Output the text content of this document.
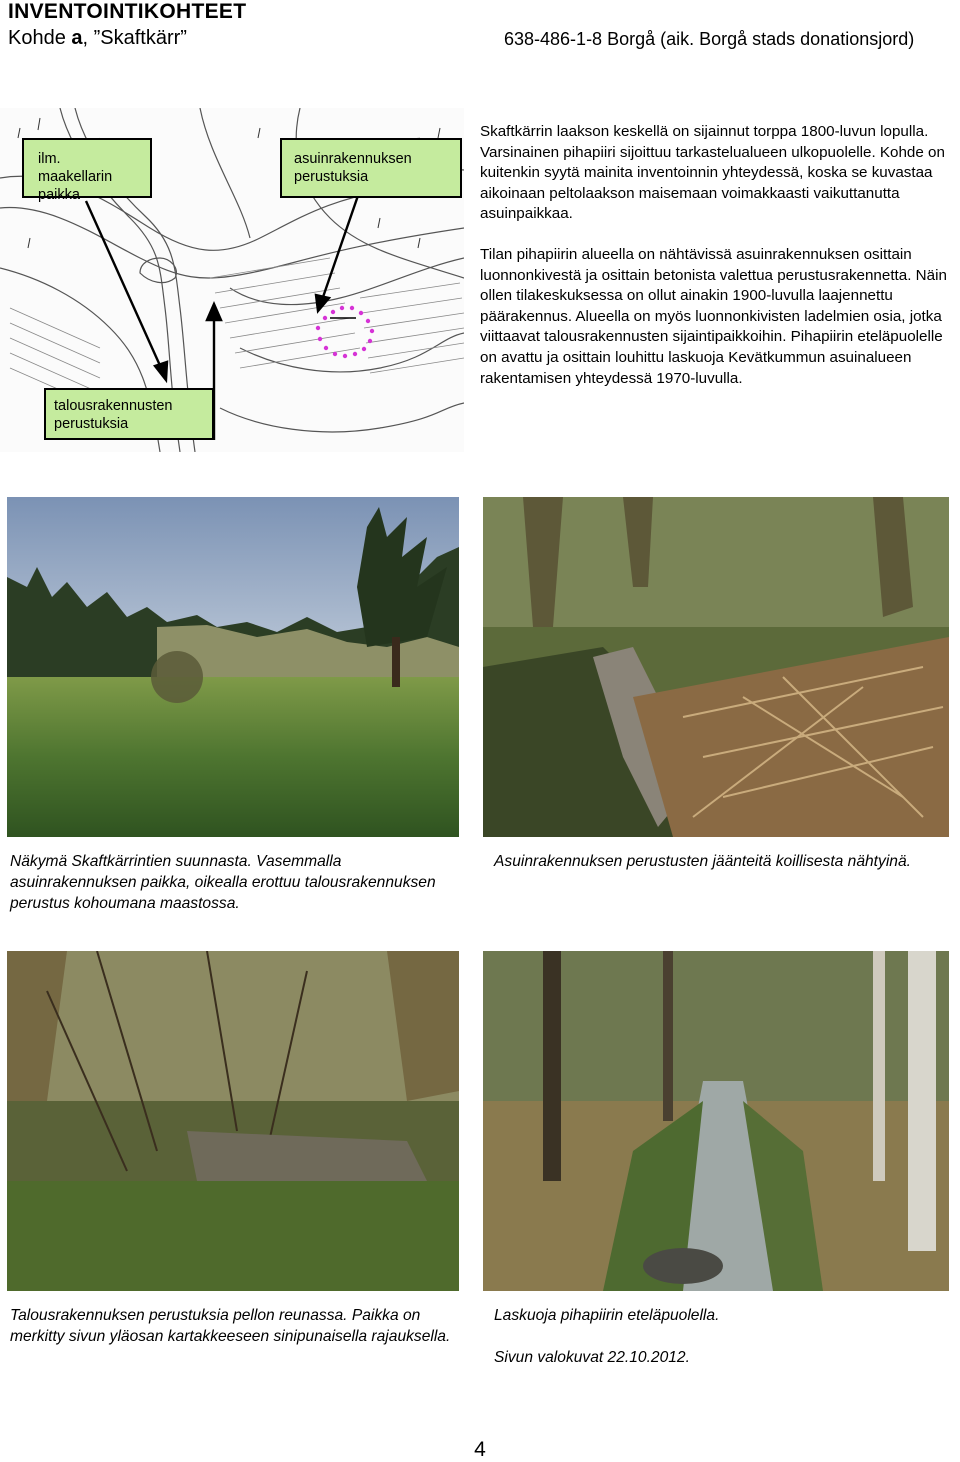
INVENTOINTIKOHTEET
Kohde a, ”Skaftkärr”	638-486-1-8 Borgå (aik. Borgå stads donationsjord)
ilm. maakellarin paikka
asuinrakennuksen perustuksia
talousrakennusten perustuksia
Skaftkärrin laakson keskellä on sijainnut torppa 1800-luvun lopulla. Varsinainen pihapiiri sijoittuu tarkastelualueen ulkopuolelle. Kohde on kuitenkin syytä mainita inventoinnin yhteydessä, koska se kuvastaa aikoinaan peltolaakson maisemaan voimakkaasti vaikuttanutta asuinpaikkaa.
Tilan pihapiirin alueella on nähtävissä asuinrakennuksen osittain luonnonkivestä ja osittain betonista valettua perustusrakennetta. Näin ollen tilakeskuksessa on ollut ainakin 1900-luvulla laajennettu päärakennus. Alueella on myös luonnonkivisten ladelmien osia, jotka viittaavat talousrakennusten sijaintipaikkoihin. Pihapiirin eteläpuolelle on avattu ja osittain louhittu laskuoja Kevätkummun asuinalueen rakentamisen yhteydessä 1970-luvulla.
Näkymä Skaftkärrintien suunnasta. Vasemmalla asuinrakennuksen paikka, oikealla erottuu talousrakennuksen perustus kohoumana maastossa.
Asuinrakennuksen perustusten jäänteitä koillisesta nähtyinä.
Talousrakennuksen perustuksia pellon reunassa. Paikka on merkitty sivun yläosan kartakkeeseen sinipunaisella rajauksella.
Laskuoja pihapiirin eteläpuolella.
Sivun valokuvat 22.10.2012.
4
